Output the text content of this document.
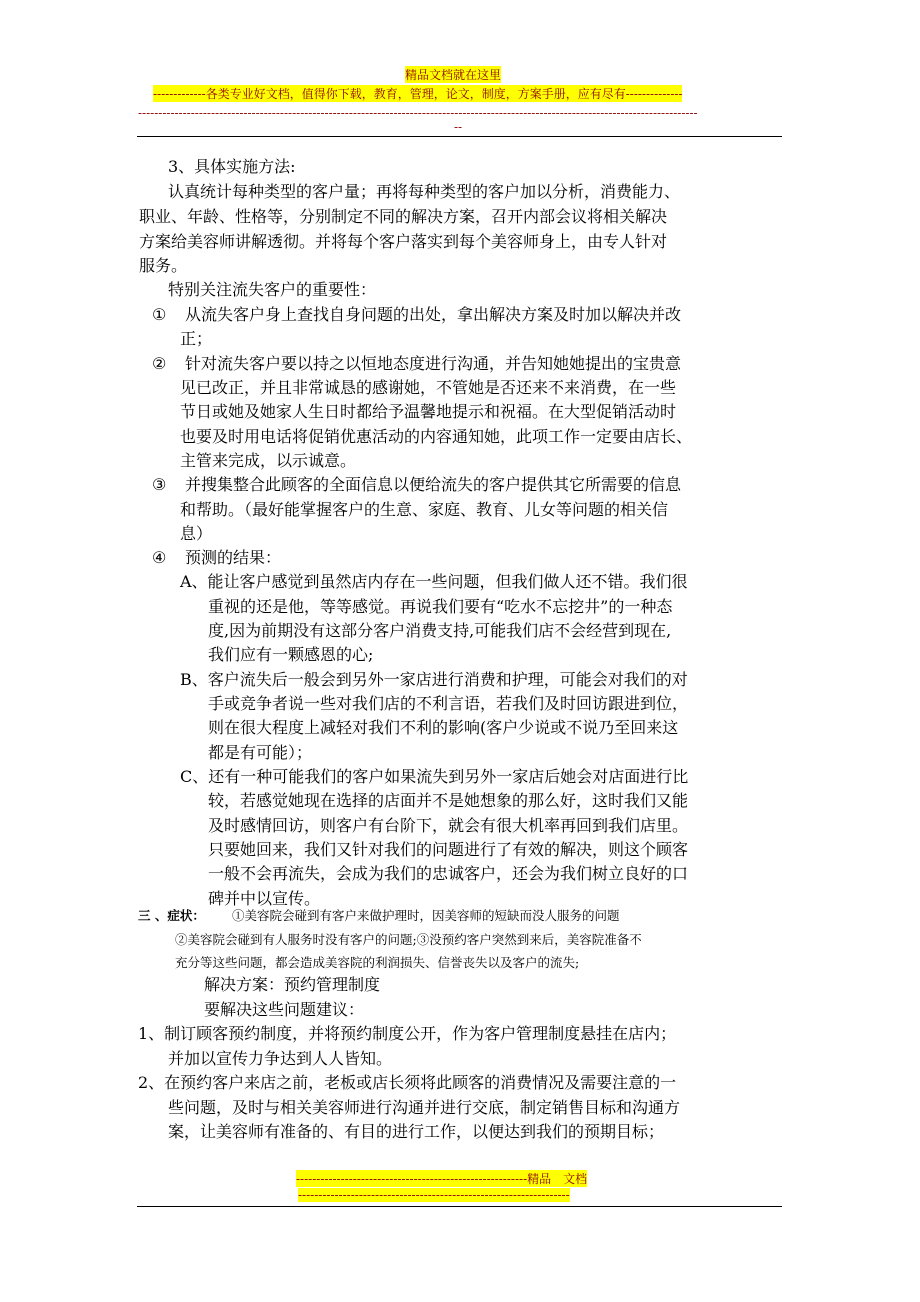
精品文档就在这里
-------------各类专业好文档，值得你下载，教育，管理，论文，制度，方案手册，应有尽有--------------
------------------------------------------------------------------------------------------------------------------------------------------
--
3、具体实施方法:
认真统计每种类型的客户量；再将每种类型的客户加以分析，消费能力、
职业、年龄、性格等，分别制定不同的解决方案，召开内部会议将相关解决
方案给美容师讲解透彻。并将每个客户落实到每个美容师身上，由专人针对
服务。
特别关注流失客户的重要性：
① 从流失客户身上查找自身问题的出处，拿出解决方案及时加以解决并改
正；
② 针对流失客户要以持之以恒地态度进行沟通，并告知她她提出的宝贵意
见已改正，并且非常诚恳的感谢她，不管她是否还来不来消费，在一些
节日或她及她家人生日时都给予温馨地提示和祝福。在大型促销活动时
也要及时用电话将促销优惠活动的内容通知她，此项工作一定要由店长、
主管来完成，以示诚意。
③ 并搜集整合此顾客的全面信息以便给流失的客户提供其它所需要的信息
和帮助。（最好能掌握客户的生意、家庭、教育、儿女等问题的相关信
息）
④ 预测的结果：
A、能让客户感觉到虽然店内存在一些问题，但我们做人还不错。我们很
重视的还是他，等等感觉。再说我们要有“吃水不忘挖井”的一种态
度,因为前期没有这部分客户消费支持,可能我们店不会经营到现在,
我们应有一颗感恩的心;
B、客户流失后一般会到另外一家店进行消费和护理，可能会对我们的对
手或竞争者说一些对我们店的不利言语，若我们及时回访跟进到位，
则在很大程度上减轻对我们不利的影响(客户少说或不说乃至回来这
都是有可能）；
C、还有一种可能我们的客户如果流失到另外一家店后她会对店面进行比
较，若感觉她现在选择的店面并不是她想象的那么好，这时我们又能
及时感情回访，则客户有台阶下，就会有很大机率再回到我们店里。
只要她回来，我们又针对我们的问题进行了有效的解决，则这个顾客
一般不会再流失，会成为我们的忠诚客户，还会为我们树立良好的口
碑并中以宣传。
三 、症状： ①美容院会碰到有客户来做护理时，因美容师的短缺而没人服务的问题
②美容院会碰到有人服务时没有客户的问题;③没预约客户突然到来后，美容院准备不
充分等这些问题，都会造成美容院的利润损失、信誉丧失以及客户的流失;
解决方案：预约管理制度
要解决这些问题建议：
1、制订顾客预约制度，并将预约制度公开，作为客户管理制度悬挂在店内；
并加以宣传力争达到人人皆知。
2、在预约客户来店之前，老板或店长须将此顾客的消费情况及需要注意的一
些问题，及时与相关美容师进行沟通并进行交底，制定销售目标和沟通方
案，让美容师有准备的、有目的进行工作，以便达到我们的预期目标；
---------------------------------------------------------精品　文档
-------------------------------------------------------------------
